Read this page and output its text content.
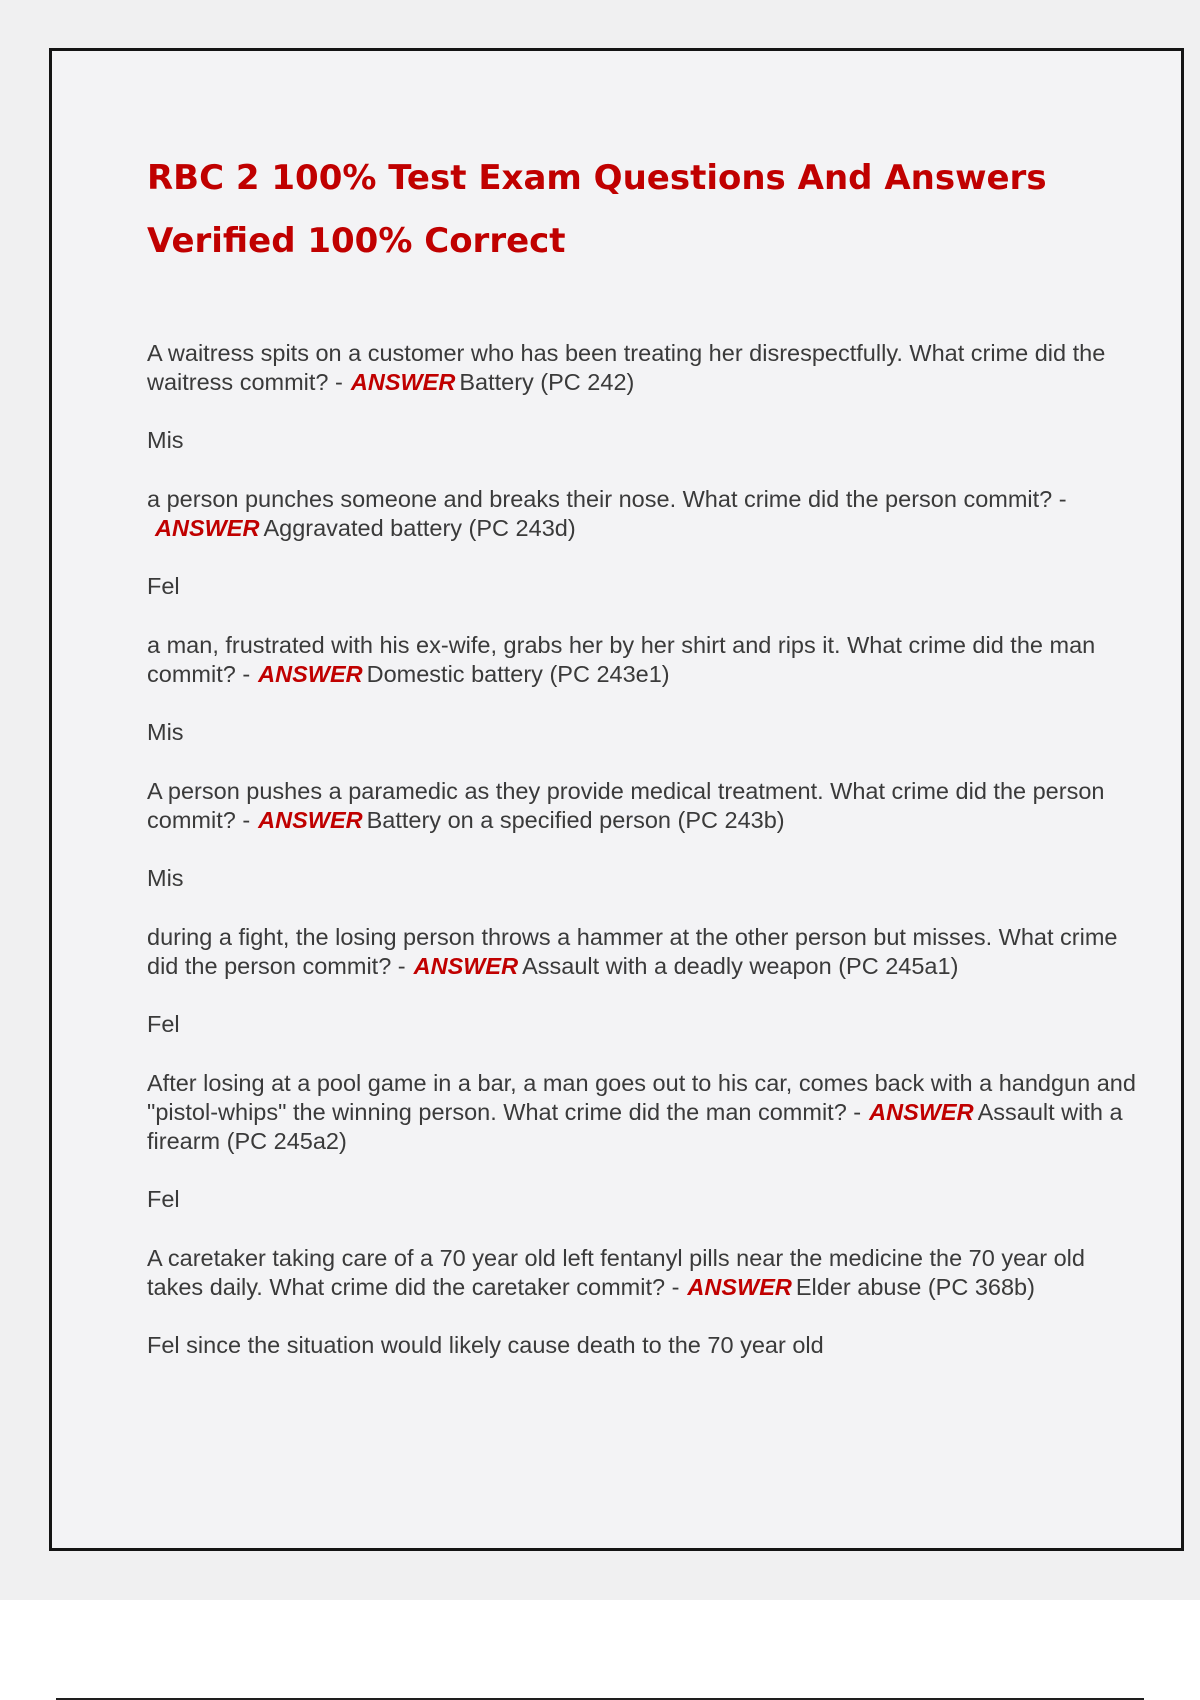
RBC 2 100% Test Exam Questions And Answers Verified 100% Correct

A waitress spits on a customer who has been treating her disrespectfully. What crime did the waitress commit? - ANSWER Battery (PC 242)

Mis

a person punches someone and breaks their nose. What crime did the person commit? -ANSWER Aggravated battery (PC 243d)

Fel

a man, frustrated with his ex-wife, grabs her by her shirt and rips it. What crime did the man commit? - ANSWER Domestic battery (PC 243e1)

Mis

A person pushes a paramedic as they provide medical treatment. What crime did the person commit? - ANSWER Battery on a specified person (PC 243b)

Mis

during a fight, the losing person throws a hammer at the other person but misses. What crime did the person commit? - ANSWER Assault with a deadly weapon (PC 245a1)

Fel

After losing at a pool game in a bar, a man goes out to his car, comes back with a handgun and "pistol-whips" the winning person. What crime did the man commit? - ANSWER Assault with a firearm (PC 245a2)

Fel

A caretaker taking care of a 70 year old left fentanyl pills near the medicine the 70 year old takes daily. What crime did the caretaker commit? - ANSWER Elder abuse (PC 368b)

Fel since the situation would likely cause death to the 70 year old
